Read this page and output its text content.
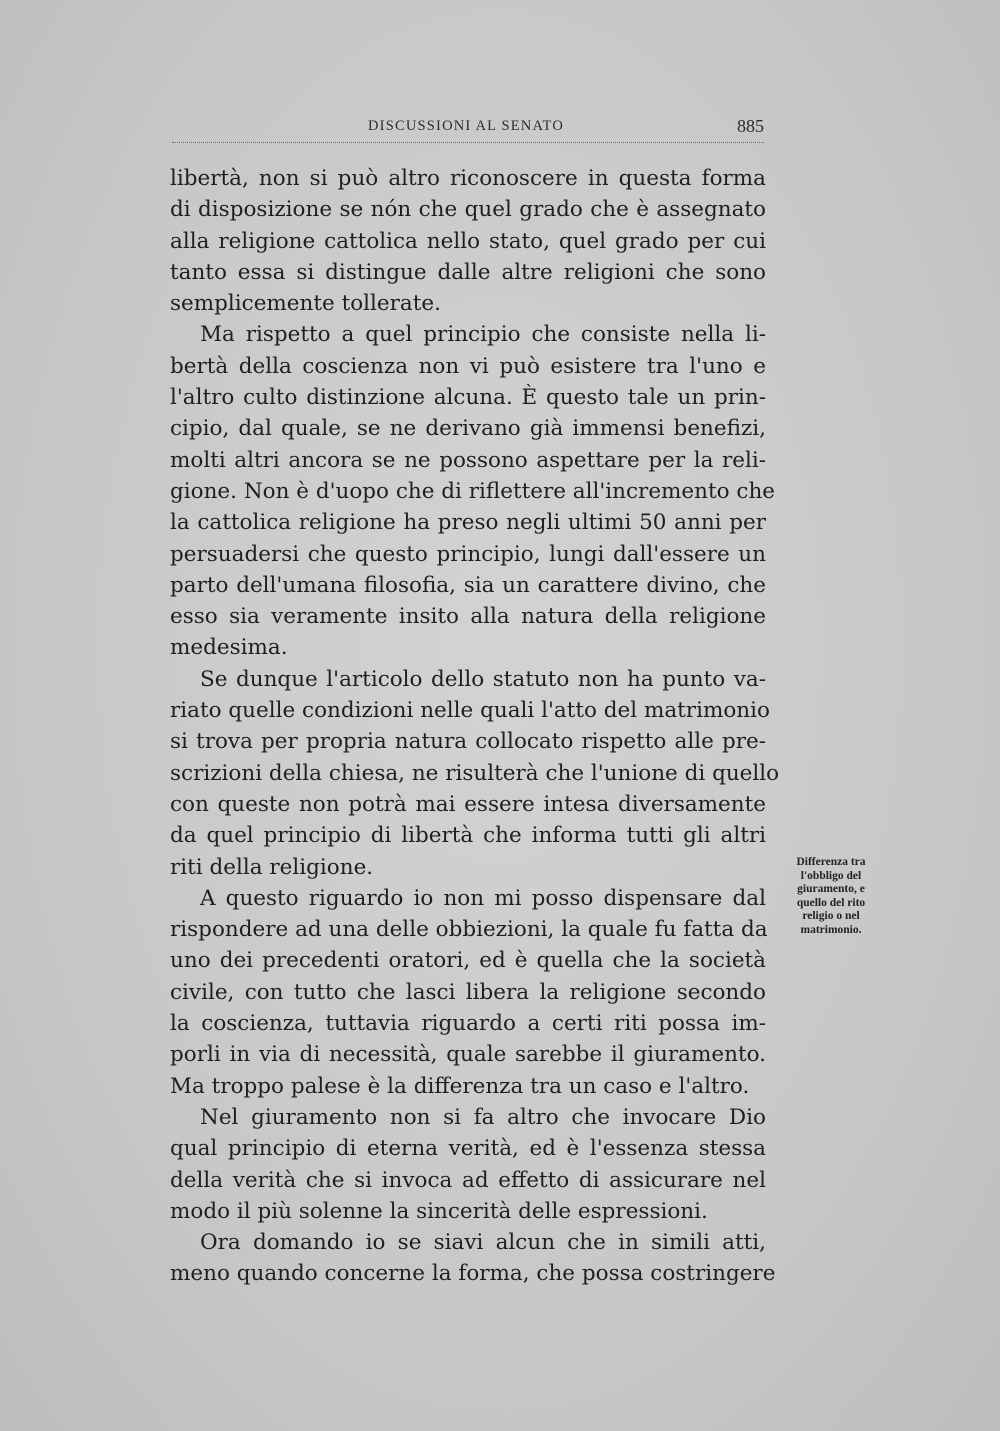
DISCUSSIONI AL SENATO	885
libertà, non si può altro riconoscere in questa forma
di disposizione se nón che quel grado che è assegnato
alla religione cattolica nello stato, quel grado per cui
tanto essa si distingue dalle altre religioni che sono
semplicemente tollerate.
Ma rispetto a quel principio che consiste nella li-
bertà della coscienza non vi può esistere tra l'uno e
l'altro culto distinzione alcuna. È questo tale un prin-
cipio, dal quale, se ne derivano già immensi benefizi,
molti altri ancora se ne possono aspettare per la reli-
gione. Non è d'uopo che di riflettere all'incremento che
la cattolica religione ha preso negli ultimi 50 anni per
persuadersi che questo principio, lungi dall'essere un
parto dell'umana filosofia, sia un carattere divino, che
esso sia veramente insito alla natura della religione
medesima.
Se dunque l'articolo dello statuto non ha punto va-
riato quelle condizioni nelle quali l'atto del matrimonio
si trova per propria natura collocato rispetto alle pre-
scrizioni della chiesa, ne risulterà che l'unione di quello
con queste non potrà mai essere intesa diversamente
da quel principio di libertà che informa tutti gli altri
riti della religione.
A questo riguardo io non mi posso dispensare dal
rispondere ad una delle obbiezioni, la quale fu fatta da
uno dei precedenti oratori, ed è quella che la società
civile, con tutto che lasci libera la religione secondo
la coscienza, tuttavia riguardo a certi riti possa im-
porli in via di necessità, quale sarebbe il giuramento.
Ma troppo palese è la differenza tra un caso e l'altro.
Nel giuramento non si fa altro che invocare Dio
qual principio di eterna verità, ed è l'essenza stessa
della verità che si invoca ad effetto di assicurare nel
modo il più solenne la sincerità delle espressioni.
Ora domando io se siavi alcun che in simili atti,
meno quando concerne la forma, che possa costringere
Differenza tra
l'obbligo del
giuramento, e
quello del rito
religio o nel
matrimonio.
